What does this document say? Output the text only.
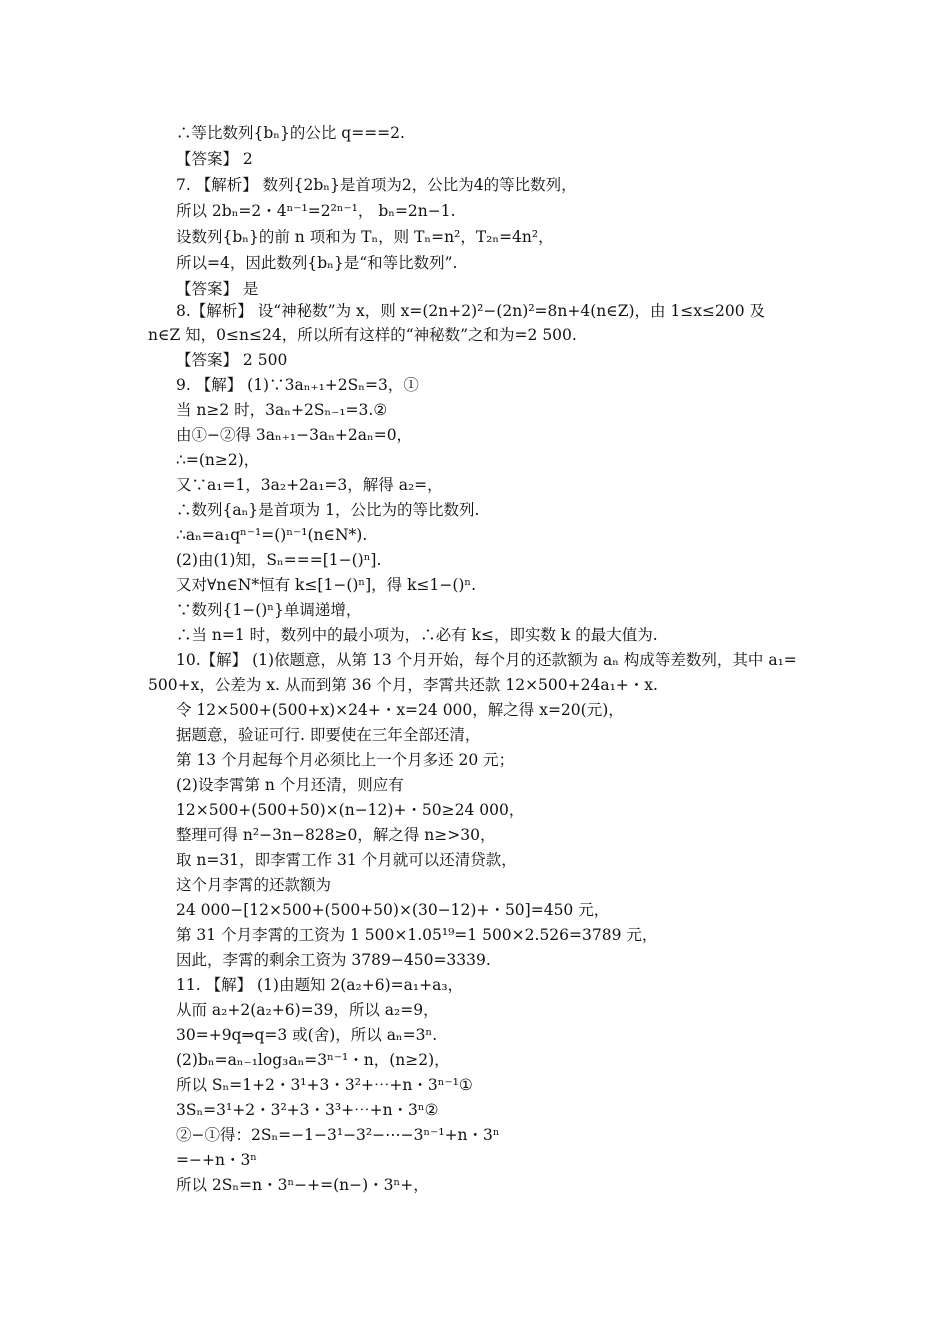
∴等比数列{bₙ}的公比 q===2.
【答案】 2
7. 【解析】 数列{2bₙ}是首项为2，公比为4的等比数列，
所以 2bₙ=2・4ⁿ⁻¹=2²ⁿ⁻¹， bₙ=2n−1.
设数列{bₙ}的前 n 项和为 Tₙ，则 Tₙ=n²，T₂ₙ=4n²，
所以=4，因此数列{bₙ}是“和等比数列”.
【答案】 是
8.【解析】 设“神秘数”为 x，则 x=(2n+2)²−(2n)²=8n+4(n∈Z)，由 1≤x≤200 及
n∈Z 知，0≤n≤24，所以所有这样的“神秘数”之和为=2 500.
【答案】 2 500
9. 【解】 (1)∵3aₙ₊₁+2Sₙ=3，①
当 n≥2 时，3aₙ+2Sₙ₋₁=3.②
由①−②得 3aₙ₊₁−3aₙ+2aₙ=0，
∴=(n≥2)，
又∵a₁=1，3a₂+2a₁=3，解得 a₂=，
∴数列{aₙ}是首项为 1，公比为的等比数列.
∴aₙ=a₁qⁿ⁻¹=()ⁿ⁻¹(n∈N*).
(2)由(1)知，Sₙ===[1−()ⁿ].
又对∀n∈N*恒有 k≤[1−()ⁿ]，得 k≤1−()ⁿ.
∵数列{1−()ⁿ}单调递增，
∴当 n=1 时，数列中的最小项为，∴必有 k≤，即实数 k 的最大值为.
10.【解】 (1)依题意，从第 13 个月开始，每个月的还款额为 aₙ 构成等差数列，其中 a₁=
500+x，公差为 x. 从而到第 36 个月，李霄共还款 12×500+24a₁+・x.
令 12×500+(500+x)×24+・x=24 000，解之得 x=20(元)，
据题意，验证可行. 即要使在三年全部还清，
第 13 个月起每个月必须比上一个月多还 20 元；
(2)设李霄第 n 个月还清，则应有
12×500+(500+50)×(n−12)+・50≥24 000，
整理可得 n²−3n−828≥0，解之得 n≥>30，
取 n=31，即李霄工作 31 个月就可以还清贷款，
这个月李霄的还款额为
24 000−[12×500+(500+50)×(30−12)+・50]=450 元，
第 31 个月李霄的工资为 1 500×1.05¹⁹=1 500×2.526=3789 元，
因此，李霄的剩余工资为 3789−450=3339.
11. 【解】 (1)由题知 2(a₂+6)=a₁+a₃，
从而 a₂+2(a₂+6)=39，所以 a₂=9，
30=+9q⇒q=3 或(舍)，所以 aₙ=3ⁿ.
(2)bₙ=aₙ₋₁log₃aₙ=3ⁿ⁻¹・n，(n≥2)，
所以 Sₙ=1+2・3¹+3・3²+⋯+n・3ⁿ⁻¹①
3Sₙ=3¹+2・3²+3・3³+⋯+n・3ⁿ②
②−①得：2Sₙ=−1−3¹−3²−⋯−3ⁿ⁻¹+n・3ⁿ
=−+n・3ⁿ
所以 2Sₙ=n・3ⁿ−+=(n−)・3ⁿ+，
